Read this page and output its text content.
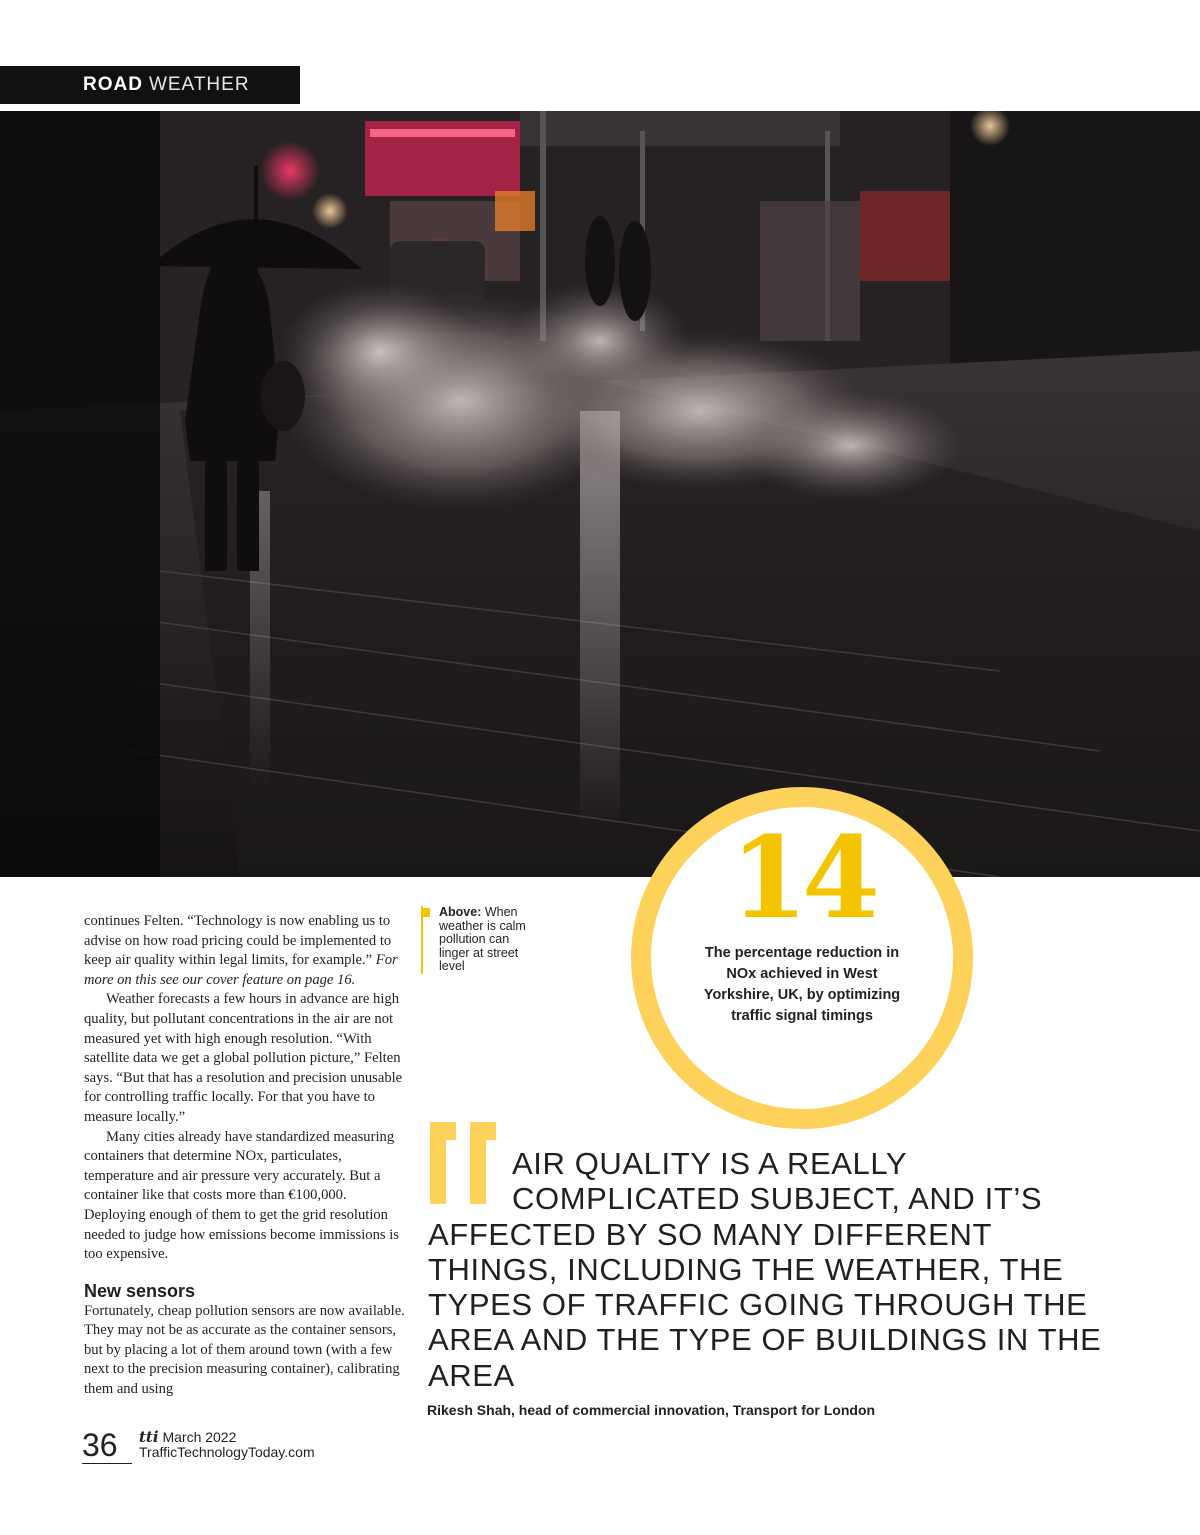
ROAD WEATHER

continues Felten. “Technology is now enabling us to advise on how road pricing could be implemented to keep air quality within legal limits, for example.” For more on this see our cover feature on page 16.

Weather forecasts a few hours in advance are high quality, but pollutant concentrations in the air are not measured yet with high enough resolution. “With satellite data we get a global pollution picture,” Felten says. “But that has a resolution and precision unusable for controlling traffic locally. For that you have to measure locally.”

Many cities already have standardized measuring containers that determine NOx, particulates, temperature and air pressure very accurately. But a container like that costs more than €100,000. Deploying enough of them to get the grid resolution needed to judge how emissions become immissions is too expensive.

New sensors

Fortunately, cheap pollution sensors are now available. They may not be as accurate as the container sensors, but by placing a lot of them around town (with a few next to the precision measuring container), calibrating them and using

Above: When weather is calm pollution can linger at street level
14
The percentage reduction in NOx achieved in West Yorkshire, UK, by optimizing traffic signal timings
AIR QUALITY IS A REALLY
COMPLICATED SUBJECT, AND IT’S
AFFECTED BY SO MANY DIFFERENT THINGS, INCLUDING THE WEATHER, THE TYPES OF TRAFFIC GOING THROUGH THE AREA AND THE TYPE OF BUILDINGS IN THE AREA
Rikesh Shah, head of commercial innovation, Transport for London
36 tti March 2022
TrafficTechnologyToday.com
